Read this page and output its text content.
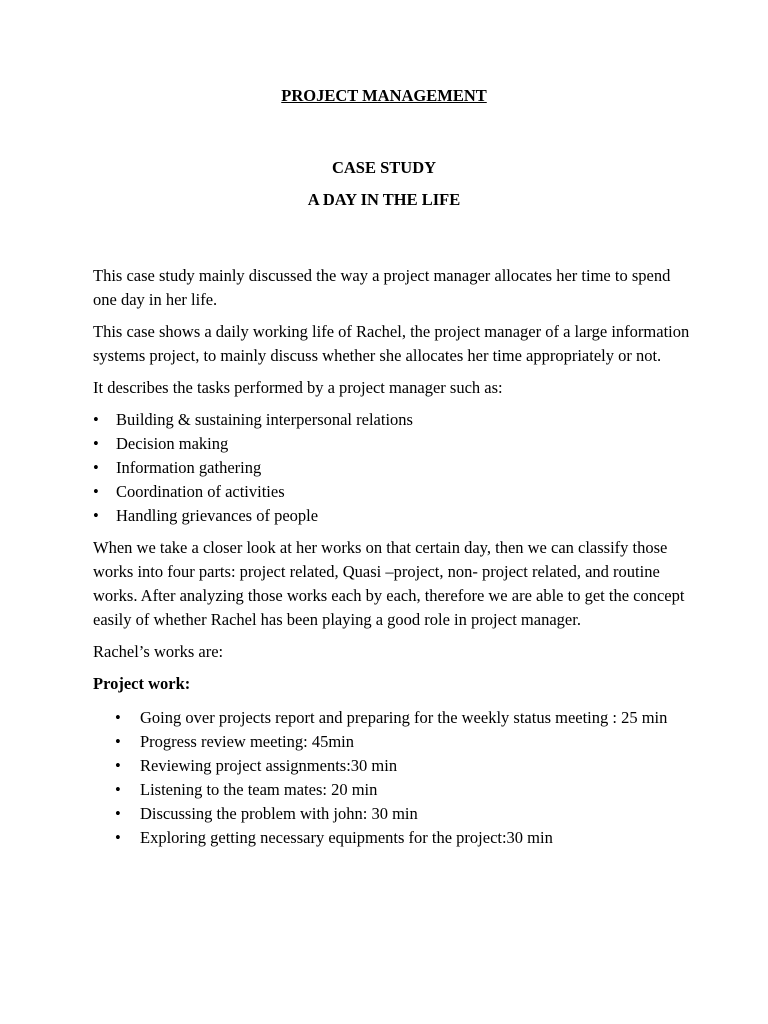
PROJECT MANAGEMENT
CASE STUDY
A DAY IN THE LIFE

This case study mainly discussed the way a project manager allocates her time to spend one day in her life.

This case shows a daily working life of Rachel, the project manager of a large information systems project, to mainly discuss whether she allocates her time appropriately or not.

It describes the tasks performed by a project manager such as:

•	Building & sustaining interpersonal relations
•	Decision making
•	Information gathering
•	Coordination of activities
•	Handling grievances of people

When we take a closer look at her works on that certain day, then we can classify those works into four parts: project related, Quasi –project, non- project related, and routine works. After analyzing those works each by each, therefore we are able to get the concept easily of whether Rachel has been playing a good role in project manager.

Rachel’s works are:

Project work:

• Going over projects report and preparing for the weekly status meeting : 25 min
• Progress review meeting: 45min
• Reviewing project assignments:30 min
• Listening to the team mates: 20 min
• Discussing the problem with john: 30 min
• Exploring getting necessary equipments for the project:30 min
